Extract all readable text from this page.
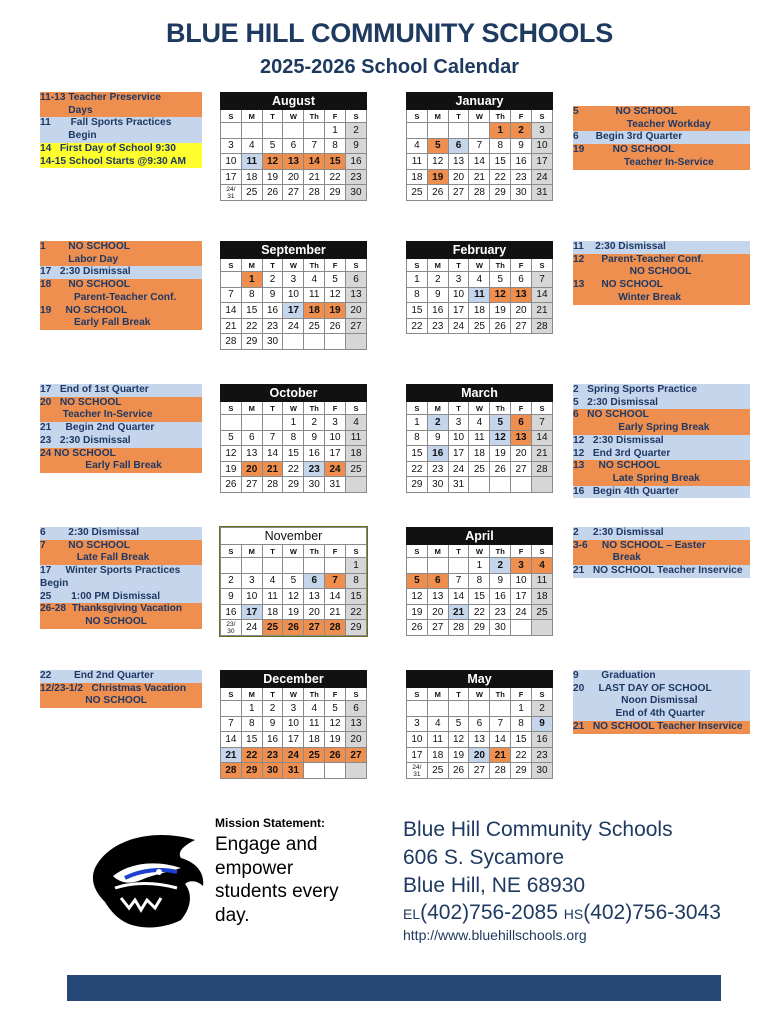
BLUE HILL COMMUNITY SCHOOLS
2025-2026 School Calendar
11-13 Teacher Preservice
Days
11       Fall Sports Practices
Begin
14   First Day of School 9:30
14-15 School Starts @9:30 AM
5             NO SCHOOL
Teacher Workday
6      Begin 3rd Quarter
19          NO SCHOOL
Teacher In-Service
1        NO SCHOOL
Labor Day
17   2:30 Dismissal
18      NO SCHOOL
Parent-Teacher Conf.
19     NO SCHOOL
Early Fall Break
11    2:30 Dismissal
12      Parent-Teacher Conf.
NO SCHOOL
13      NO SCHOOL
Winter Break
17   End of 1st Quarter
20   NO SCHOOL
Teacher In-Service
21     Begin 2nd Quarter
23   2:30 Dismissal
24 NO SCHOOL
Early Fall Break
2   Spring Sports Practice
5   2:30 Dismissal
6   NO SCHOOL
Early Spring Break
12   2:30 Dismissal
12   End 3rd Quarter
13     NO SCHOOL
Late Spring Break
16   Begin 4th Quarter
6        2:30 Dismissal
7        NO SCHOOL
Late Fall Break
17     Winter Sports Practices
Begin
25       1:00 PM Dismissal
26-28  Thanksgiving Vacation
NO SCHOOL
2     2:30 Dismissal
3-6     NO SCHOOL – Easter
Break
21   NO SCHOOL Teacher Inservice
22        End 2nd Quarter
12/23-1/2   Christmas Vacation
NO SCHOOL
9        Graduation
20     LAST DAY OF SCHOOL
Noon Dismissal
End of 4th Quarter
21   NO SCHOOL Teacher Inservice
August						
S	M	T	W	Th	F	S
					1	2
3	4	5	6	7	8	9
10	11	12	13	14	15	16
17	18	19	20	21	22	23
24/
31	25	26	27	28	29	30
January						
S	M	T	W	Th	F	S
				1	2	3
4	5	6	7	8	9	10
11	12	13	14	15	16	17
18	19	20	21	22	23	24
25	26	27	28	29	30	31
September						
S	M	T	W	Th	F	S
	1	2	3	4	5	6
7	8	9	10	11	12	13
14	15	16	17	18	19	20
21	22	23	24	25	26	27
28	29	30				
February						
S	M	T	W	Th	F	S
1	2	3	4	5	6	7
8	9	10	11	12	13	14
15	16	17	18	19	20	21
22	23	24	25	26	27	28
October						
S	M	T	W	Th	F	S
			1	2	3	4
5	6	7	8	9	10	11
12	13	14	15	16	17	18
19	20	21	22	23	24	25
26	27	28	29	30	31	
March						
S	M	T	W	Th	F	S
1	2	3	4	5	6	7
8	9	10	11	12	13	14
15	16	17	18	19	20	21
22	23	24	25	26	27	28
29	30	31				
November						
S	M	T	W	Th	F	S
						1
2	3	4	5	6	7	8
9	10	11	12	13	14	15
16	17	18	19	20	21	22
23/
30	24	25	26	27	28	29
April						
S	M	T	W	Th	F	S
			1	2	3	4
5	6	7	8	9	10	11
12	13	14	15	16	17	18
19	20	21	22	23	24	25
26	27	28	29	30		
December						
S	M	T	W	Th	F	S
	1	2	3	4	5	6
7	8	9	10	11	12	13
14	15	16	17	18	19	20
21	22	23	24	25	26	27
28	29	30	31			
May						
S	M	T	W	Th	F	S
					1	2
3	4	5	6	7	8	9
10	11	12	13	14	15	16
17	18	19	20	21	22	23
24/
31	25	26	27	28	29	30
Mission Statement:
Engage and empower students every day.
Blue Hill Community Schools
606 S. Sycamore
Blue Hill, NE 68930
EL(402)756-2085 HS(402)756-3043
http://www.bluehillschools.org
